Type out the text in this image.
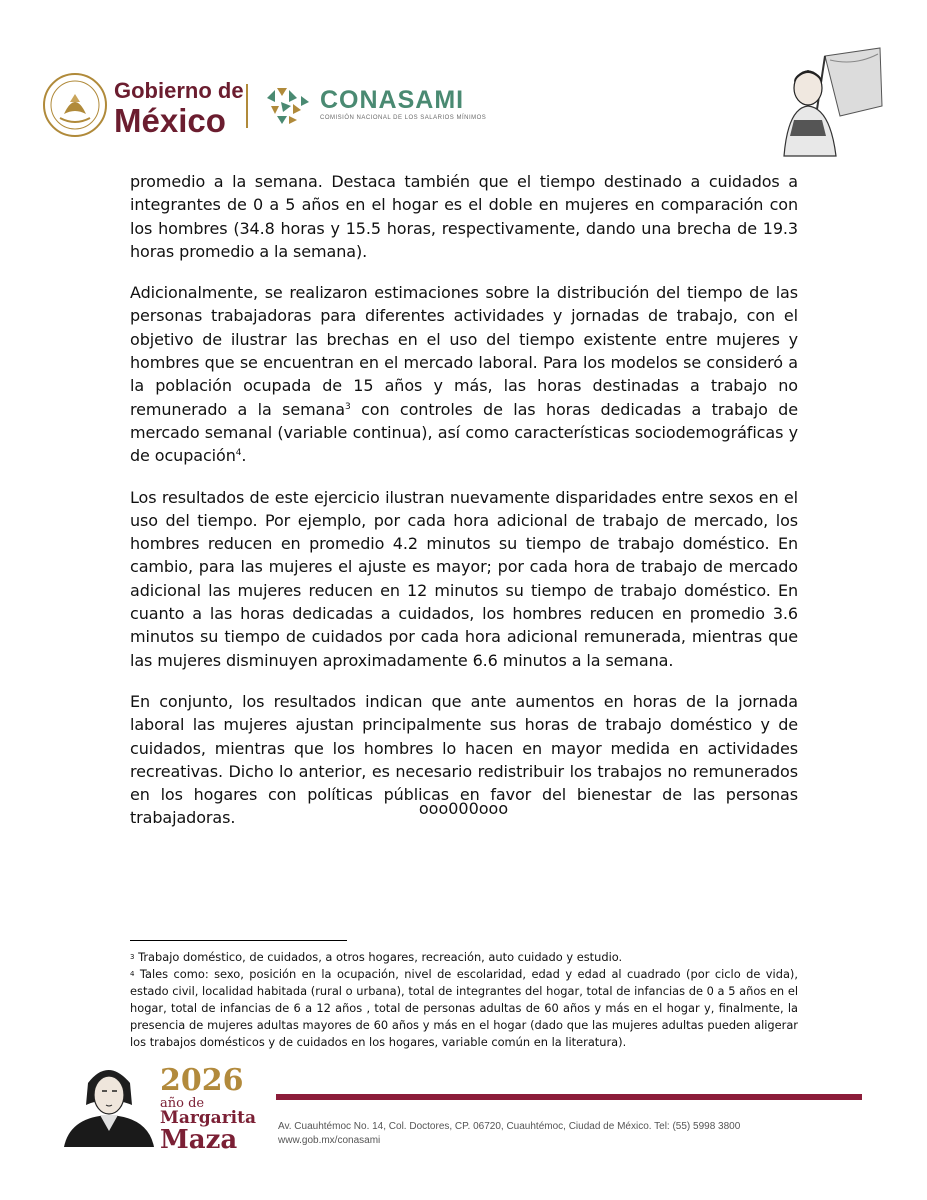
Gobierno de
México
CONASAMI
COMISIÓN NACIONAL DE LOS SALARIOS MÍNIMOS

promedio a la semana. Destaca también que el tiempo destinado a cuidados a integrantes de 0 a 5 años en el hogar es el doble en mujeres en comparación con los hombres (34.8 horas y 15.5 horas, respectivamente, dando una brecha de 19.3 horas promedio a la semana).

Adicionalmente, se realizaron estimaciones sobre la distribución del tiempo de las personas trabajadoras para diferentes actividades y jornadas de trabajo, con el objetivo de ilustrar las brechas en el uso del tiempo existente entre mujeres y hombres que se encuentran en el mercado laboral. Para los modelos se consideró a la población ocupada de 15 años y más, las horas destinadas a trabajo no remunerado a la semana$^3$ con controles de las horas dedicadas a trabajo de mercado semanal (variable continua), así como características sociodemográficas y de ocupación$^4$.

Los resultados de este ejercicio ilustran nuevamente disparidades entre sexos en el uso del tiempo. Por ejemplo, por cada hora adicional de trabajo de mercado, los hombres reducen en promedio 4.2 minutos su tiempo de trabajo doméstico. En cambio, para las mujeres el ajuste es mayor; por cada hora de trabajo de mercado adicional las mujeres reducen en 12 minutos su tiempo de trabajo doméstico. En cuanto a las horas dedicadas a cuidados, los hombres reducen en promedio 3.6 minutos su tiempo de cuidados por cada hora adicional remunerada, mientras que las mujeres disminuyen aproximadamente 6.6 minutos a la semana.

En conjunto, los resultados indican que ante aumentos en horas de la jornada laboral las mujeres ajustan principalmente sus horas de trabajo doméstico y de cuidados, mientras que los hombres lo hacen en mayor medida en actividades recreativas. Dicho lo anterior, es necesario redistribuir los trabajos no remunerados en los hogares con políticas públicas en favor del bienestar de las personas trabajadoras.	ooo000ooo
$^3$ Trabajo doméstico, de cuidados, a otros hogares, recreación, auto cuidado y estudio.
$^4$ Tales como: sexo, posición en la ocupación, nivel de escolaridad, edad y edad al cuadrado (por ciclo de vida), estado civil, localidad habitada (rural o urbana), total de integrantes del hogar, total de infancias de 0 a 5 años en el hogar, total de infancias de 6 a 12 años , total de personas adultas de 60 años y más en el hogar y, finalmente, la presencia de mujeres adultas mayores de 60 años y más en el hogar (dado que las mujeres adultas pueden aligerar los trabajos domésticos y de cuidados en los hogares, variable común en la literatura).
2026
año de
Margarita
Maza	Av. Cuauhtémoc No. 14, Col. Doctores, CP. 06720, Cuauhtémoc, Ciudad de México. Tel: (55) 5998 3800
www.gob.mx/conasami
